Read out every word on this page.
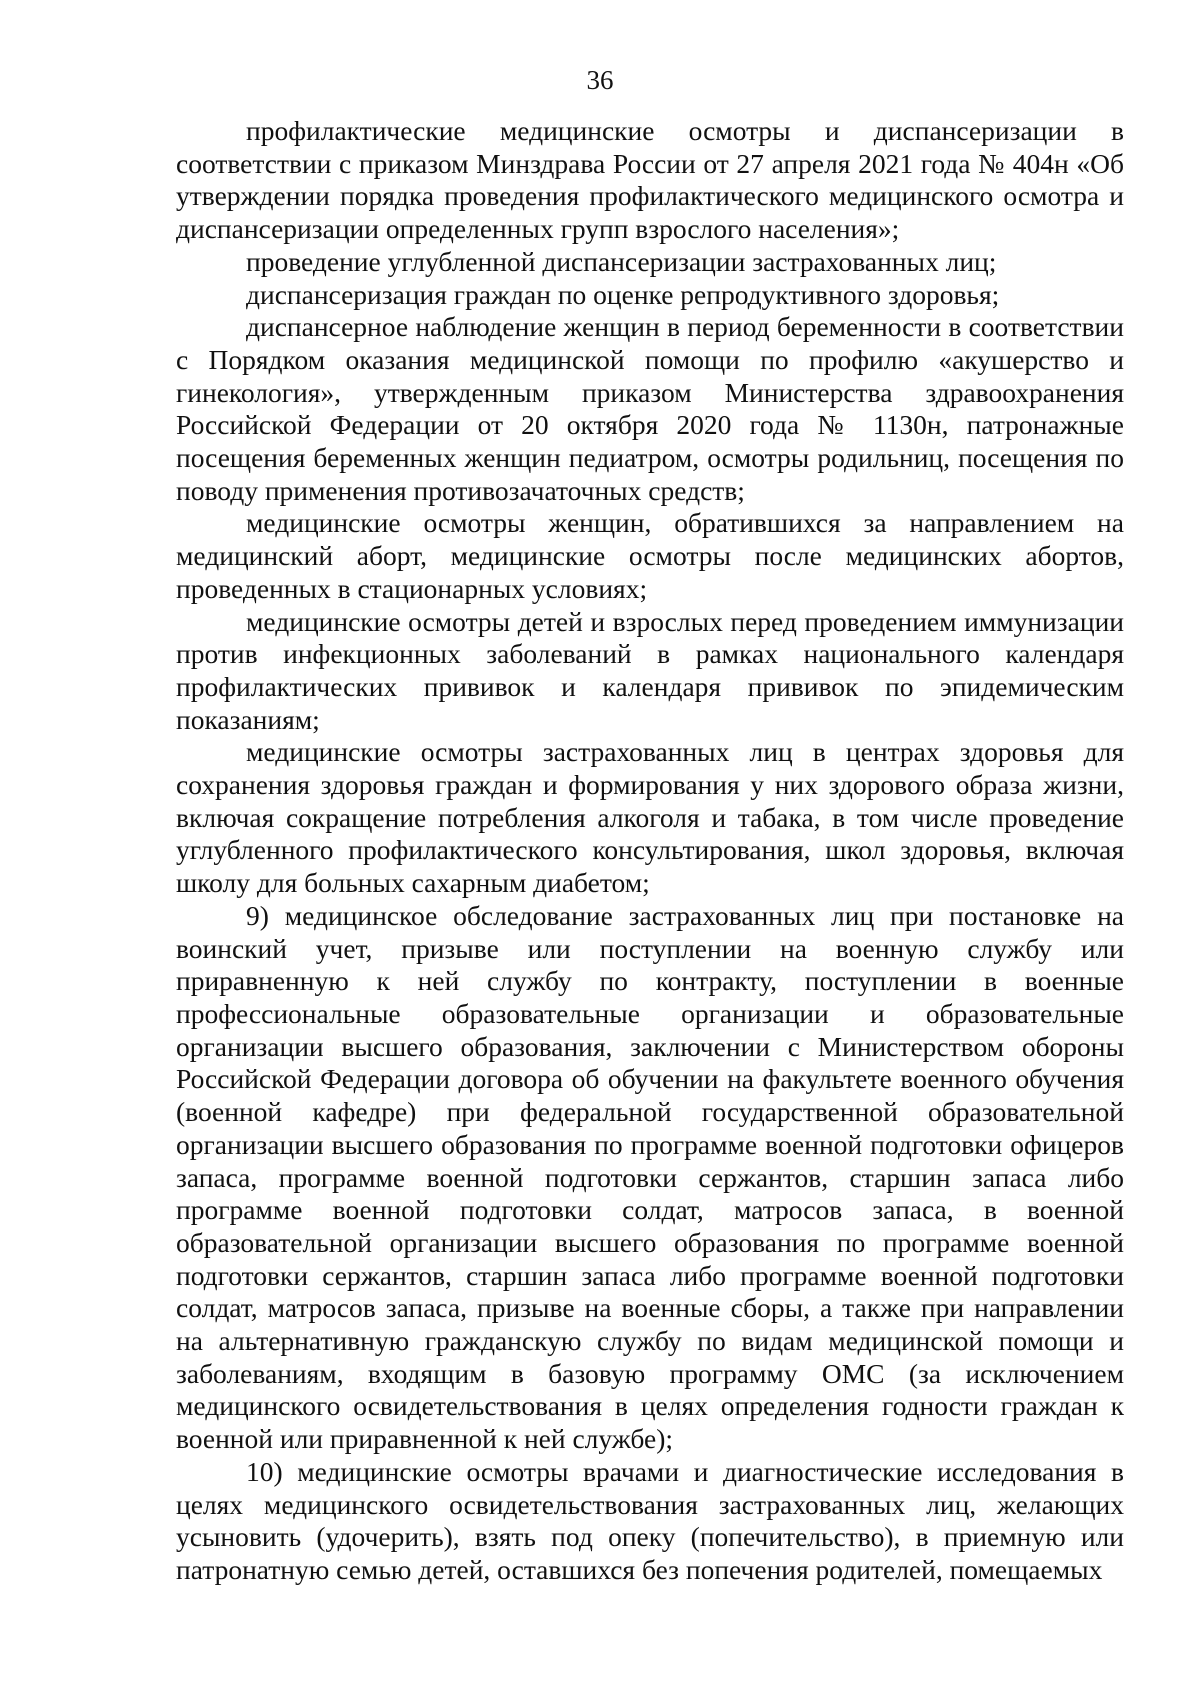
36

профилактические медицинские осмотры и диспансеризации в соответствии с приказом Минздрава России от 27 апреля 2021 года № 404н «Об утверждении порядка проведения профилактического медицинского осмотра и диспансеризации определенных групп взрослого населения»;

проведение углубленной диспансеризации застрахованных лиц;

диспансеризация граждан по оценке репродуктивного здоровья;

диспансерное наблюдение женщин в период беременности в соответствии с Порядком оказания медицинской помощи по профилю «акушерство и гинекология», утвержденным приказом Министерства здравоохранения Российской Федерации от 20 октября 2020 года № 1130н, патронажные посещения беременных женщин педиатром, осмотры родильниц, посещения по поводу применения противозачаточных средств;

медицинские осмотры женщин, обратившихся за направлением на медицинский аборт, медицинские осмотры после медицинских абортов, проведенных в стационарных условиях;

медицинские осмотры детей и взрослых перед проведением иммунизации против инфекционных заболеваний в рамках национального календаря профилактических прививок и календаря прививок по эпидемическим показаниям;

медицинские осмотры застрахованных лиц в центрах здоровья для сохранения здоровья граждан и формирования у них здорового образа жизни, включая сокращение потребления алкоголя и табака, в том числе проведение углубленного профилактического консультирования, школ здоровья, включая школу для больных сахарным диабетом;

9) медицинское обследование застрахованных лиц при постановке на воинский учет, призыве или поступлении на военную службу или приравненную к ней службу по контракту, поступлении в военные профессиональные образовательные организации и образовательные организации высшего образования, заключении с Министерством обороны Российской Федерации договора об обучении на факультете военного обучения (военной кафедре) при федеральной государственной образовательной организации высшего образования по программе военной подготовки офицеров запаса, программе военной подготовки сержантов, старшин запаса либо программе военной подготовки солдат, матросов запаса, в военной образовательной организации высшего образования по программе военной подготовки сержантов, старшин запаса либо программе военной подготовки солдат, матросов запаса, призыве на военные сборы, а также при направлении на альтернативную гражданскую службу по видам медицинской помощи и заболеваниям, входящим в базовую программу ОМС (за исключением медицинского освидетельствования в целях определения годности граждан к военной или приравненной к ней службе);

10) медицинские осмотры врачами и диагностические исследования в целях медицинского освидетельствования застрахованных лиц, желающих усыновить (удочерить), взять под опеку (попечительство), в приемную или патронатную семью детей, оставшихся без попечения родителей, помещаемых
